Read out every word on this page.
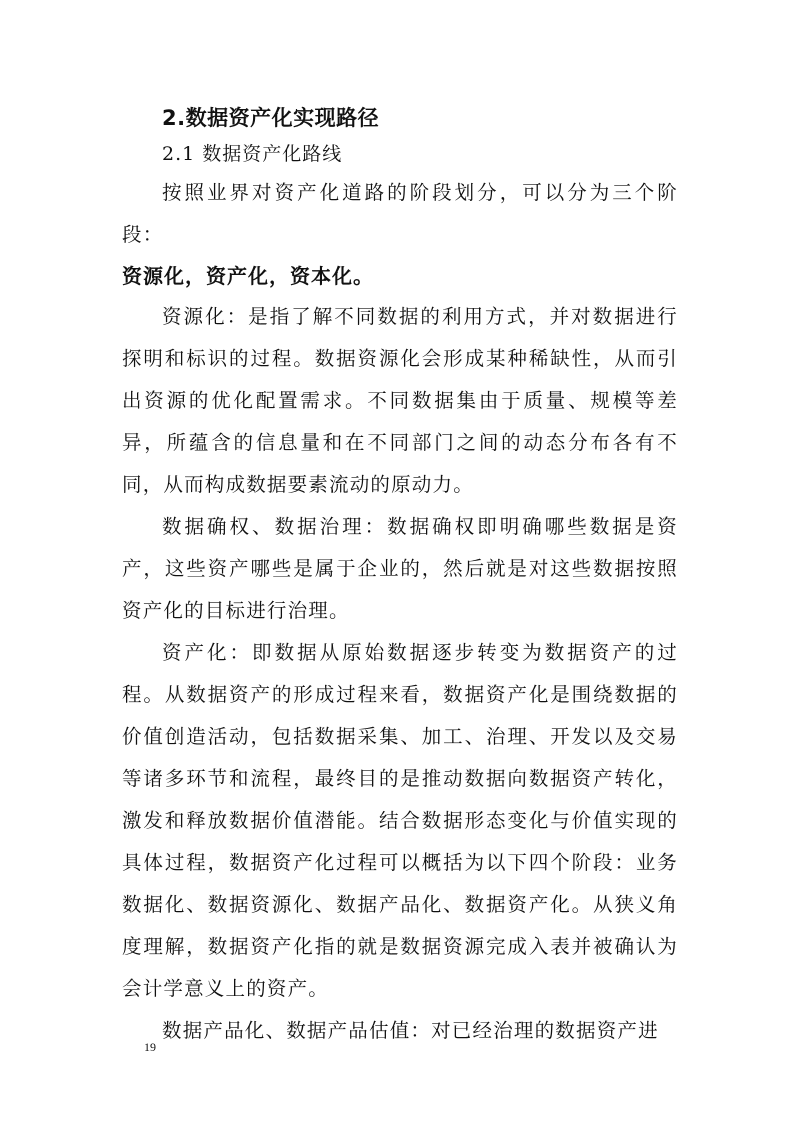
2.数据资产化实现路径
2.1 数据资产化路线

按照业界对资产化道路的阶段划分，可以分为三个阶段：

资源化，资产化，资本化。

资源化：是指了解不同数据的利用方式，并对数据进行探明和标识的过程。数据资源化会形成某种稀缺性，从而引出资源的优化配置需求。不同数据集由于质量、规模等差异，所蕴含的信息量和在不同部门之间的动态分布各有不同，从而构成数据要素流动的原动力。

数据确权、数据治理：数据确权即明确哪些数据是资产，这些资产哪些是属于企业的，然后就是对这些数据按照资产化的目标进行治理。

资产化：即数据从原始数据逐步转变为数据资产的过程。从数据资产的形成过程来看，数据资产化是围绕数据的价值创造活动，包括数据采集、加工、治理、开发以及交易等诸多环节和流程，最终目的是推动数据向数据资产转化，激发和释放数据价值潜能。结合数据形态变化与价值实现的具体过程，数据资产化过程可以概括为以下四个阶段：业务数据化、数据资源化、数据产品化、数据资产化。从狭义角度理解，数据资产化指的就是数据资源完成入表并被确认为会计学意义上的资产。

数据产品化、数据产品估值：对已经治理的数据资产进

19
